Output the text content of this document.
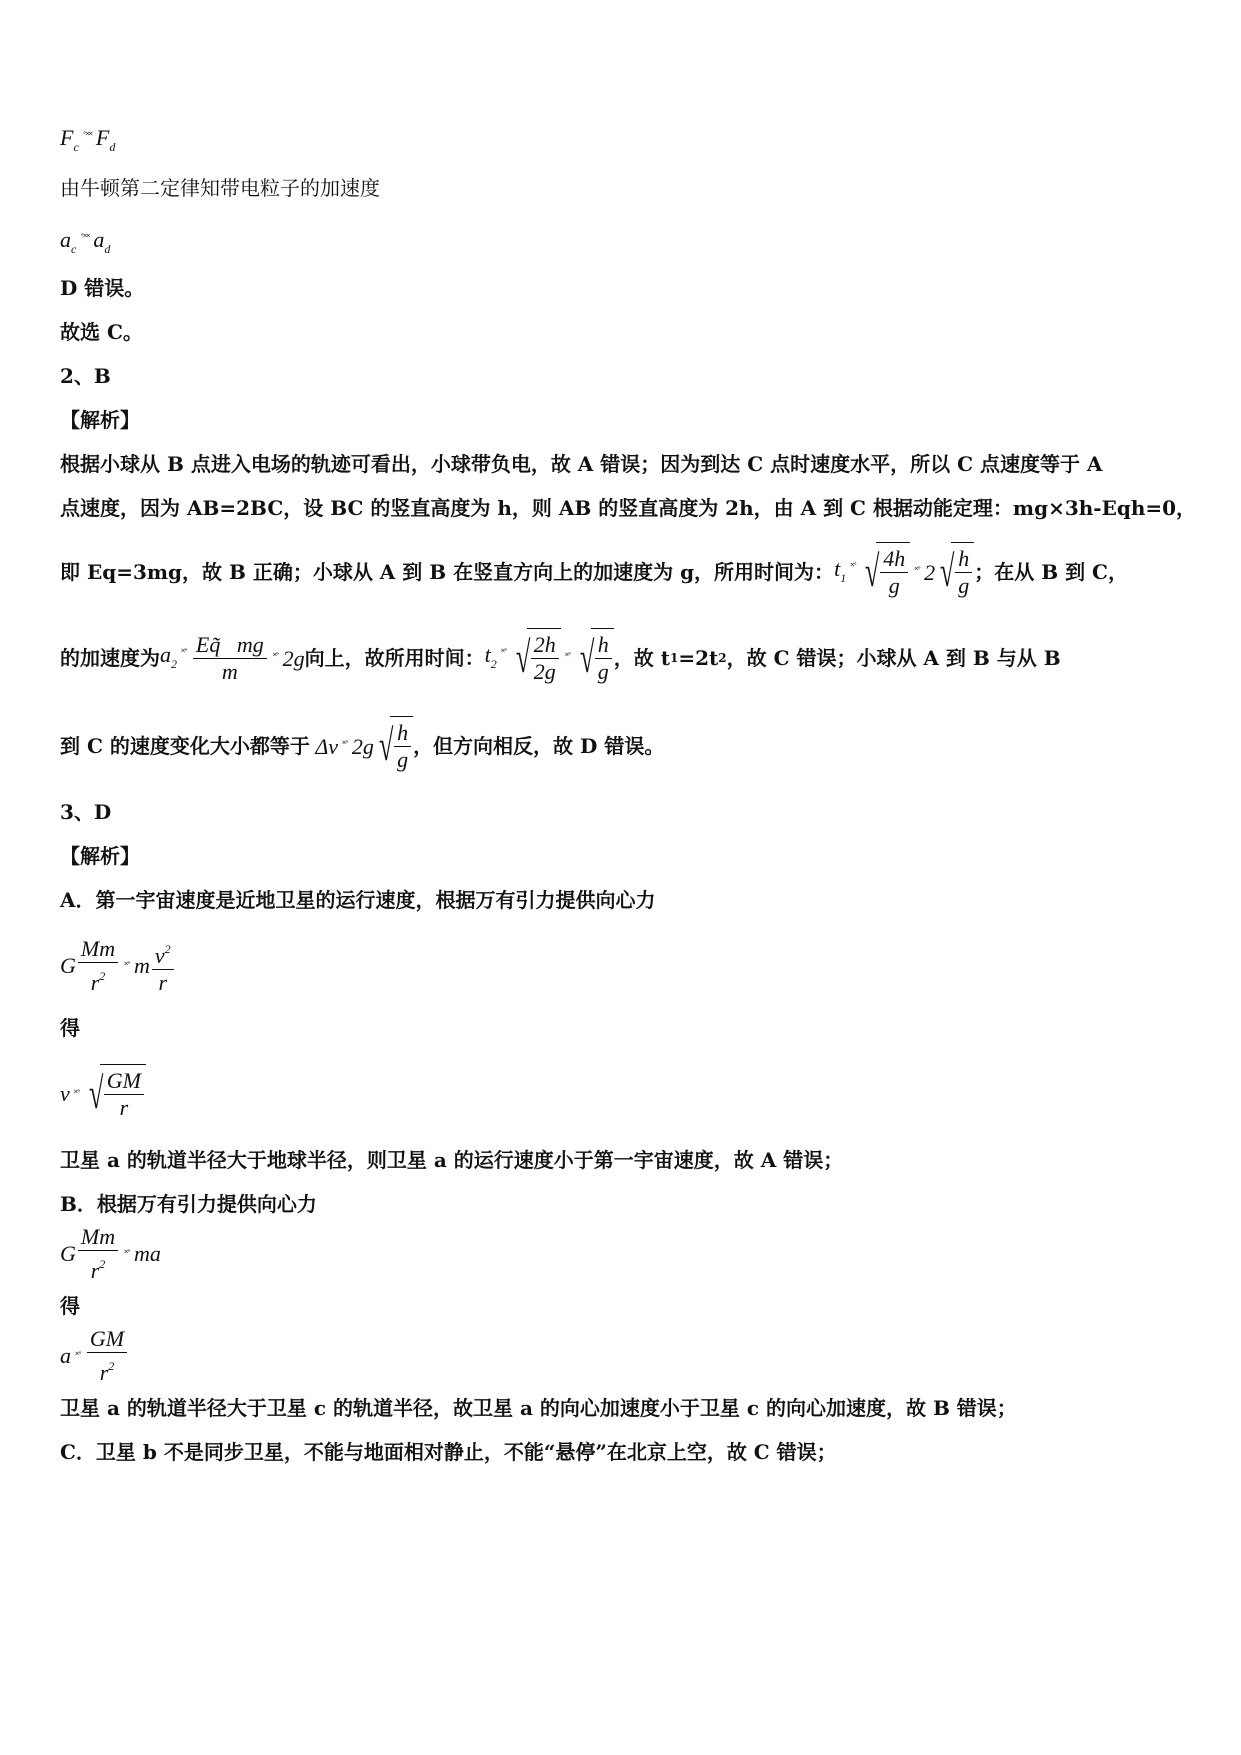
$F_c^{˚˟˟}$ $F_d$
由牛顿第二定律知带电粒子的加速度
$a_c^{˚˟˟}$ $a_d$
D 错误。
故选 C。
2、B
【解析】
根据小球从 B 点进入电场的轨迹可看出，小球带负电，故 A 错误；因为到达 C 点时速度水平，所以 C 点速度等于 A
点速度，因为 AB=2BC，设 BC 的竖直高度为 h，则 AB 的竖直高度为 2h，由 A 到 C 根据动能定理：mg×3h-Eqh=0，
即 Eq=3mg，故 B 正确；小球从 A 到 B 在竖直方向上的加速度为 g，所用时间为： $t_1^{˟˚}$ √ $\frac{4h}{g} ^{˟˚}$ 2 √ $\frac{h}{g}$ ；在从 B 到 C，
的加速度为 $a_2^{˟˚} \frac{Eq̃ mg}{m} ^{˟˚}$ 2g 向上，故所用时间： $t_2^{˟˚}$ √ $\frac{2h}{2g} ^{˟˚}$ √ $\frac{h}{g}$ ，故 t 1 =2t 2 ，故 C 错误；小球从 A 到 B 与从 B
到 C 的速度变化大小都等于 Δv ˟˚ 2g √ $\frac{h}{g}$ ，但方向相反，故 D 错误。
3、D
【解析】
A．第一宇宙速度是近地卫星的运行速度，根据万有引力提供向心力
G $\frac{Mm}{r^2}$ ˟˚ m $\frac{v^2}{r}$
得
v ˟˚ √ $\frac{GM}{r}$
卫星 a 的轨道半径大于地球半径，则卫星 a 的运行速度小于第一宇宙速度，故 A 错误；
B．根据万有引力提供向心力
G $\frac{Mm}{r^2}$ ˟˚ ma
得
a ˟˚ $\frac{GM}{r^2}$
卫星 a 的轨道半径大于卫星 c 的轨道半径，故卫星 a 的向心加速度小于卫星 c 的向心加速度，故 B 错误；
C．卫星 b 不是同步卫星，不能与地面相对静止，不能“悬停”在北京上空，故 C 错误；
